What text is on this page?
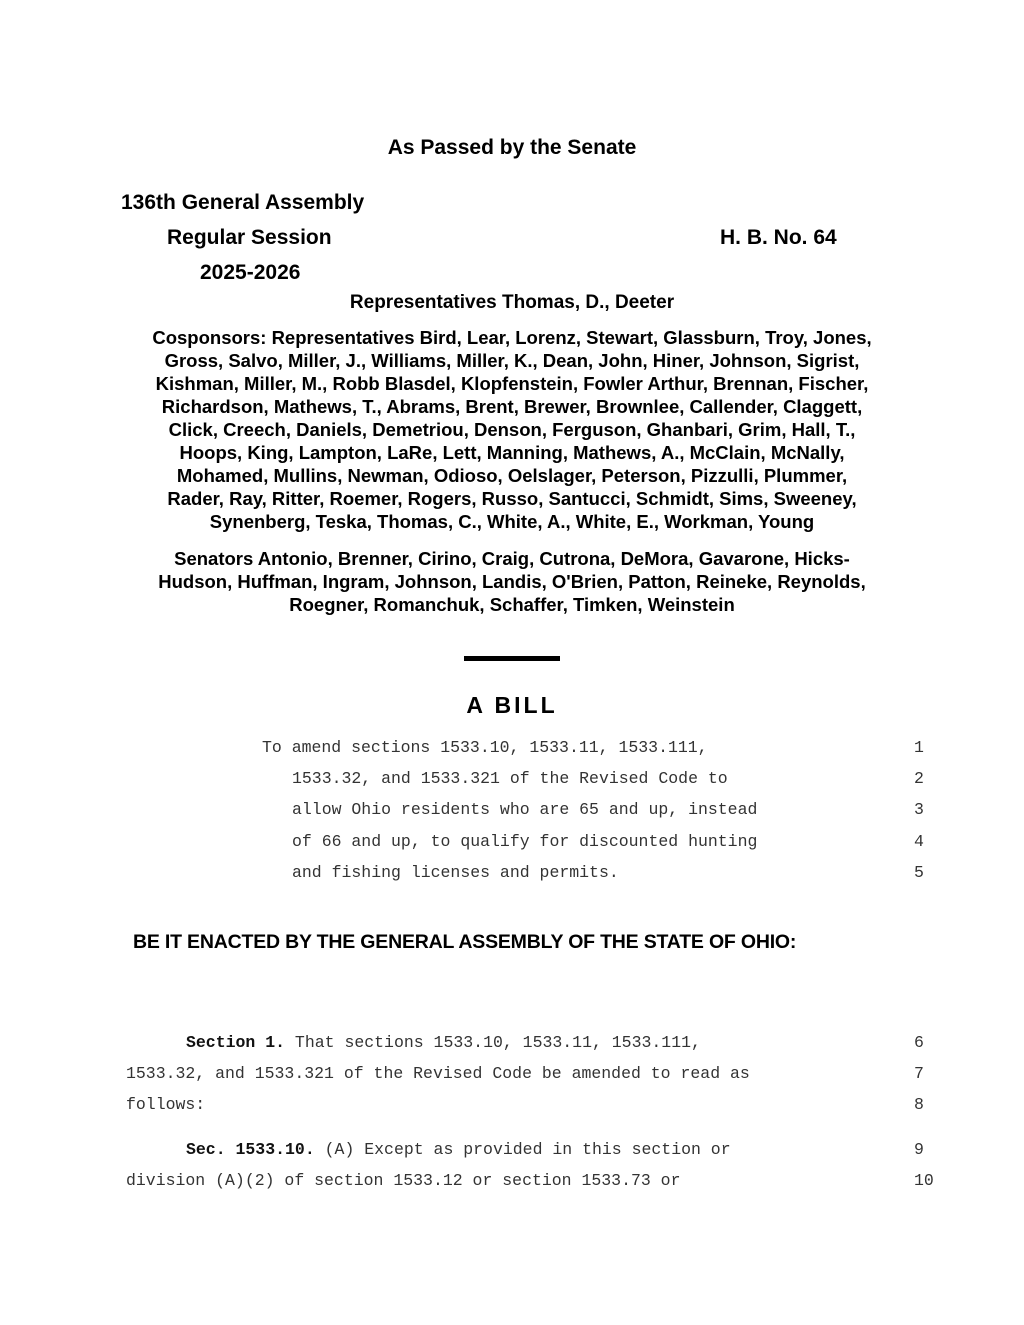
As Passed by the Senate
136th General Assembly
Regular Session
2025-2026
H. B. No. 64
Representatives Thomas, D., Deeter
Cosponsors: Representatives Bird, Lear, Lorenz, Stewart, Glassburn, Troy, Jones,
Gross, Salvo, Miller, J., Williams, Miller, K., Dean, John, Hiner, Johnson, Sigrist,
Kishman, Miller, M., Robb Blasdel, Klopfenstein, Fowler Arthur, Brennan, Fischer,
Richardson, Mathews, T., Abrams, Brent, Brewer, Brownlee, Callender, Claggett,
Click, Creech, Daniels, Demetriou, Denson, Ferguson, Ghanbari, Grim, Hall, T.,
Hoops, King, Lampton, LaRe, Lett, Manning, Mathews, A., McClain, McNally,
Mohamed, Mullins, Newman, Odioso, Oelslager, Peterson, Pizzulli, Plummer,
Rader, Ray, Ritter, Roemer, Rogers, Russo, Santucci, Schmidt, Sims, Sweeney,
Synenberg, Teska, Thomas, C., White, A., White, E., Workman, Young
Senators Antonio, Brenner, Cirino, Craig, Cutrona, DeMora, Gavarone, Hicks-
Hudson, Huffman, Ingram, Johnson, Landis, O'Brien, Patton, Reineke, Reynolds,
Roegner, Romanchuk, Schaffer, Timken, Weinstein
A BILL
To amend sections 1533.10, 1533.11, 1533.111,	1
1533.32, and 1533.321 of the Revised Code to	2
allow Ohio residents who are 65 and up, instead	3
of 66 and up, to qualify for discounted hunting	4
and fishing licenses and permits.	5
BE IT ENACTED BY THE GENERAL ASSEMBLY OF THE STATE OF OHIO:
Section 1. That sections 1533.10, 1533.11, 1533.111,	6
1533.32, and 1533.321 of the Revised Code be amended to read as	7
follows:	8
Sec. 1533.10. (A) Except as provided in this section or	9
division (A)(2) of section 1533.12 or section 1533.73 or	10
